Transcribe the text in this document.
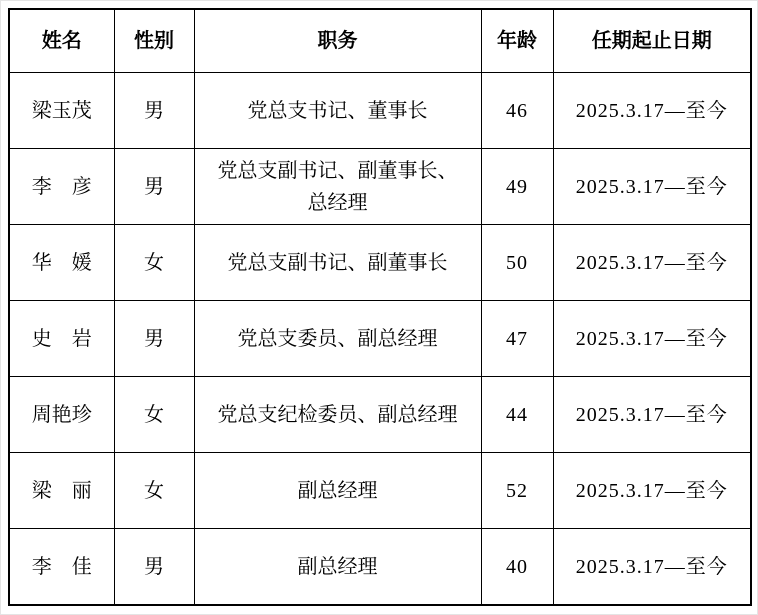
姓名	性别	职务	年龄	任期起止日期
梁玉茂	男	党总支书记、董事长	46	2025.3.17—至今
李　彦	男	党总支副书记、副董事长、总经理	49	2025.3.17—至今
华　媛	女	党总支副书记、副董事长	50	2025.3.17—至今
史　岩	男	党总支委员、副总经理	47	2025.3.17—至今
周艳珍	女	党总支纪检委员、副总经理	44	2025.3.17—至今
梁　丽	女	副总经理	52	2025.3.17—至今
李　佳	男	副总经理	40	2025.3.17—至今
